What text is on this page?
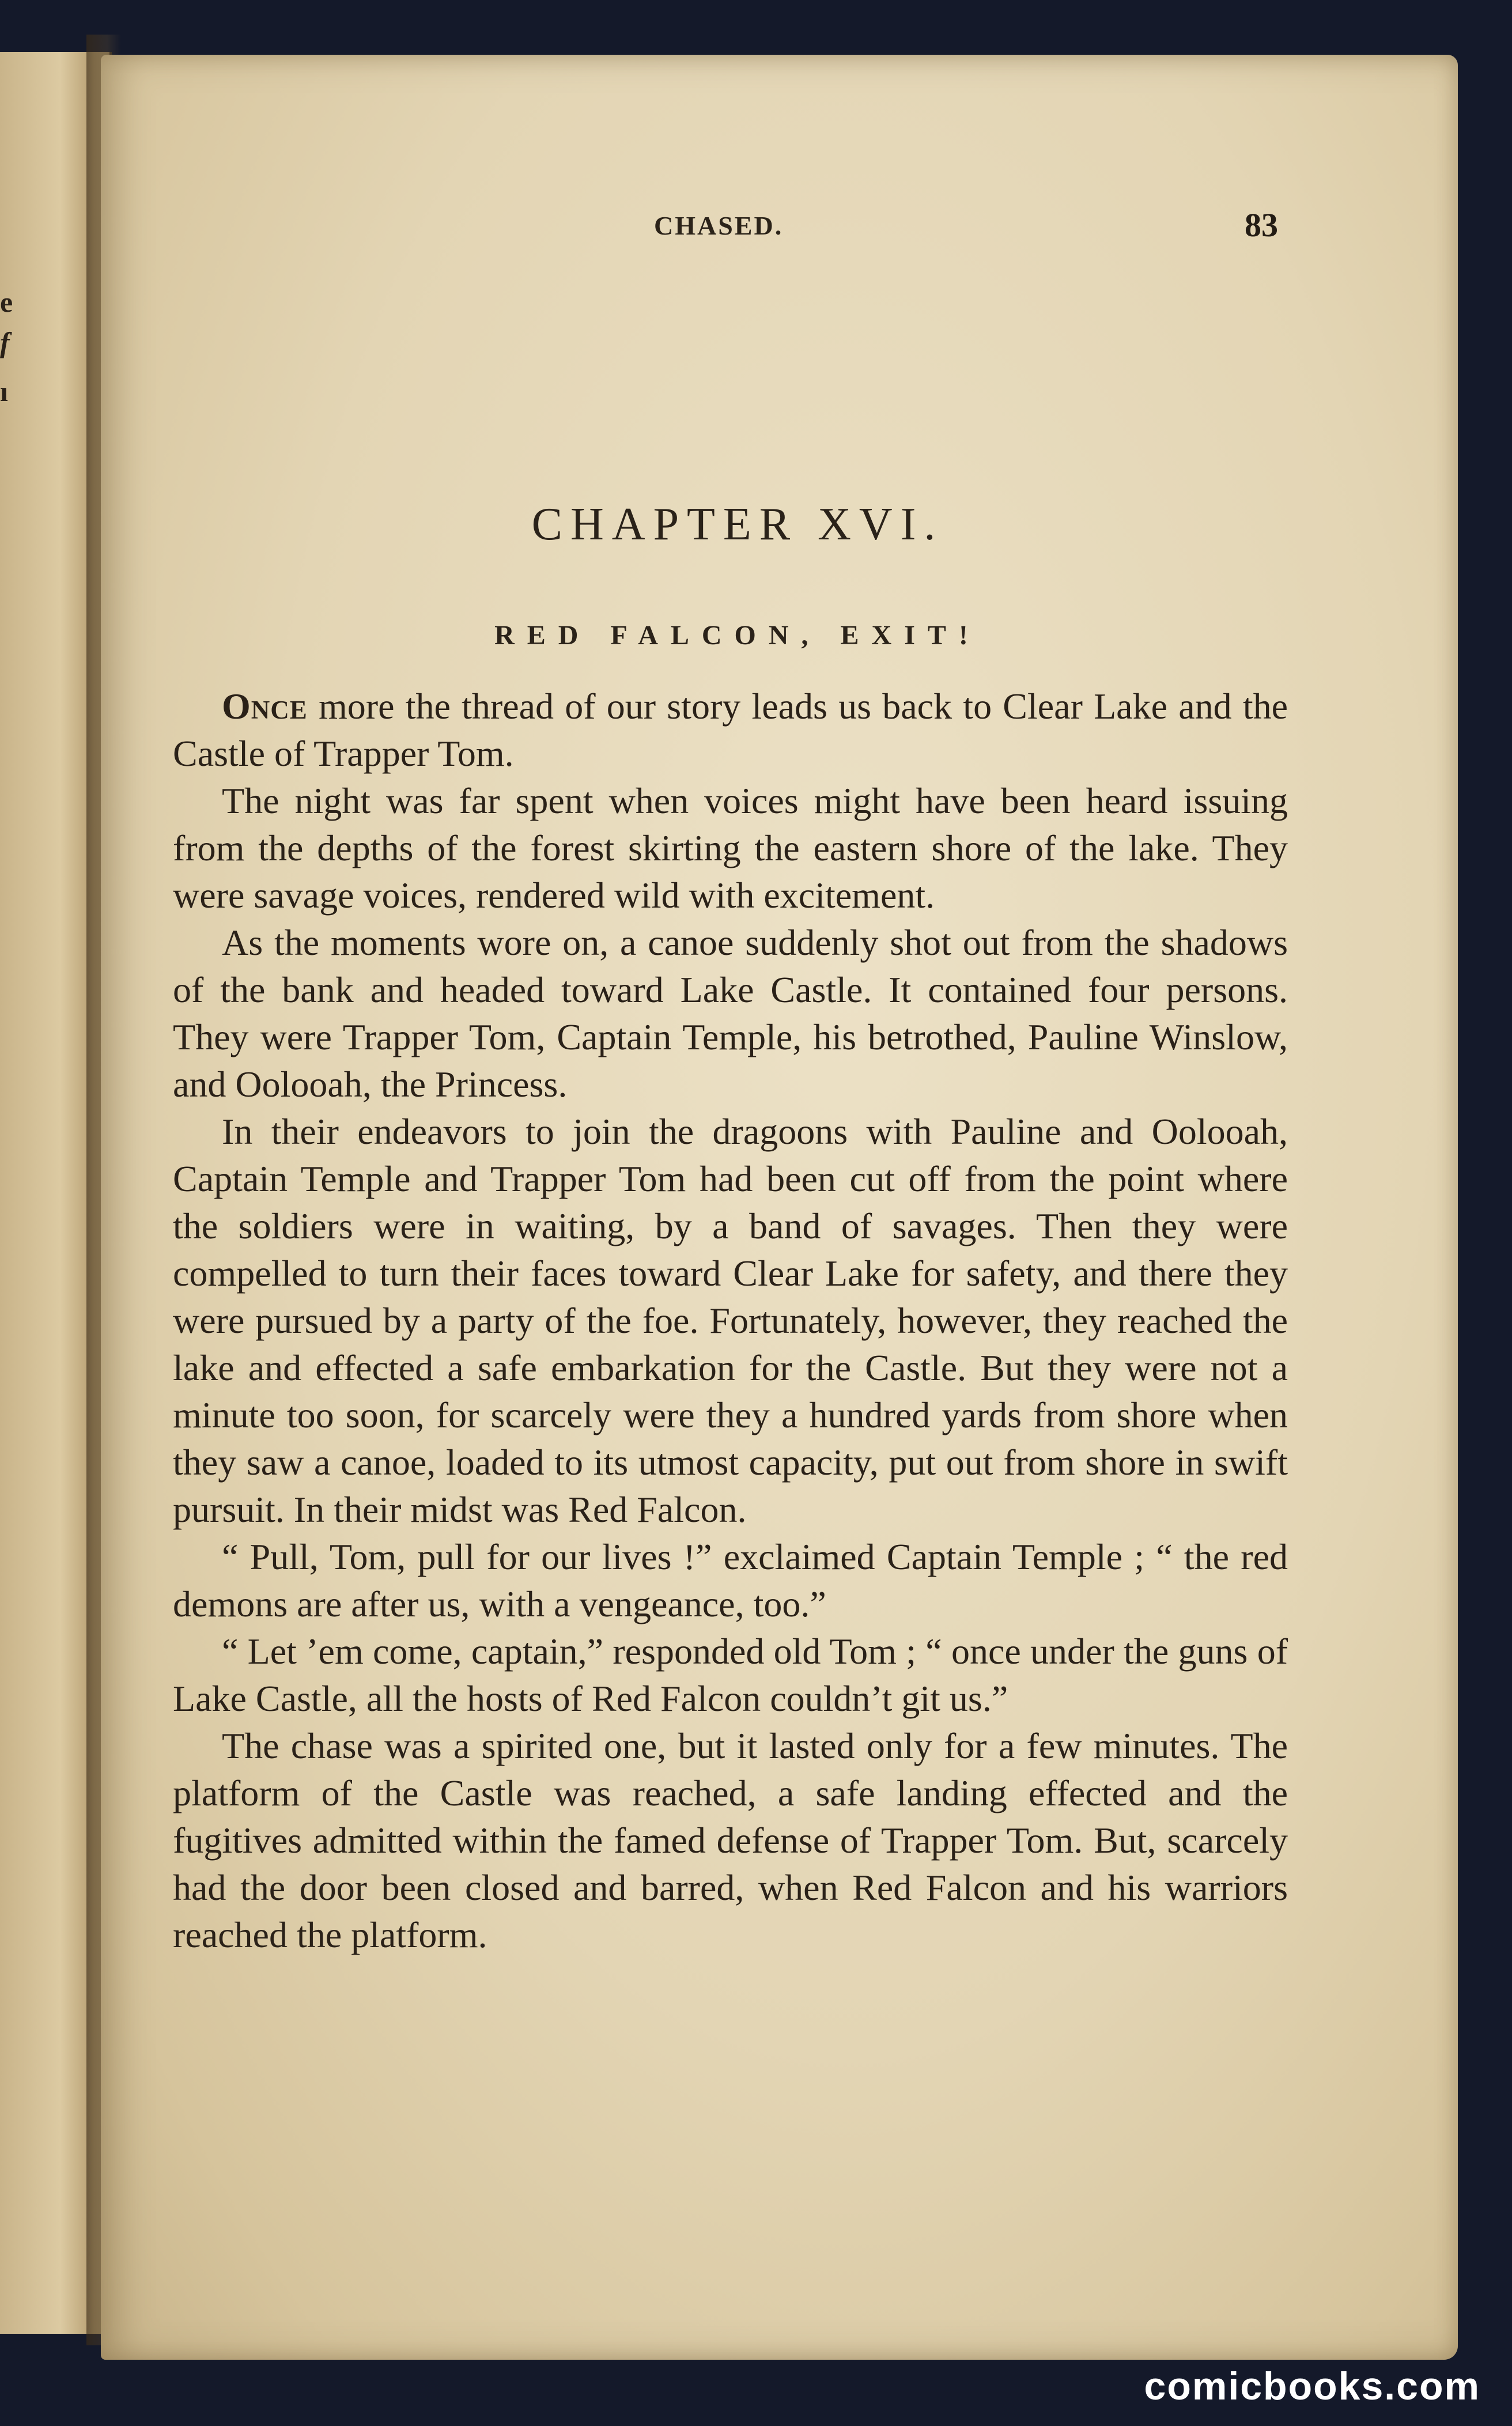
e
f
ı
CHASED.	83
CHAPTER XVI.
RED FALCON, EXIT!

Once more the thread of our story leads us back to Clear Lake and the Castle of Trapper Tom.

The night was far spent when voices might have been heard issuing from the depths of the forest skirting the eastern shore of the lake. They were savage voices, rendered wild with excitement.

As the moments wore on, a canoe suddenly shot out from the shadows of the bank and headed toward Lake Castle. It contained four persons. They were Trapper Tom, Captain Temple, his betrothed, Pauline Winslow, and Oolooah, the Princess.

In their endeavors to join the dragoons with Pauline and Oolooah, Captain Temple and Trapper Tom had been cut off from the point where the soldiers were in waiting, by a band of savages. Then they were compelled to turn their faces toward Clear Lake for safety, and there they were pursued by a party of the foe. Fortunately, however, they reached the lake and effected a safe embarkation for the Castle. But they were not a minute too soon, for scarcely were they a hundred yards from shore when they saw a canoe, loaded to its utmost capacity, put out from shore in swift pursuit. In their midst was Red Falcon.

“ Pull, Tom, pull for our lives !” exclaimed Captain Temple ; “ the red demons are after us, with a vengeance, too.”

“ Let ’em come, captain,” responded old Tom ; “ once under the guns of Lake Castle, all the hosts of Red Falcon couldn’t git us.”

The chase was a spirited one, but it lasted only for a few minutes. The platform of the Castle was reached, a safe landing effected and the fugitives admitted within the famed defense of Trapper Tom. But, scarcely had the door been closed and barred, when Red Falcon and his warriors reached the platform.

comicbooks.com
